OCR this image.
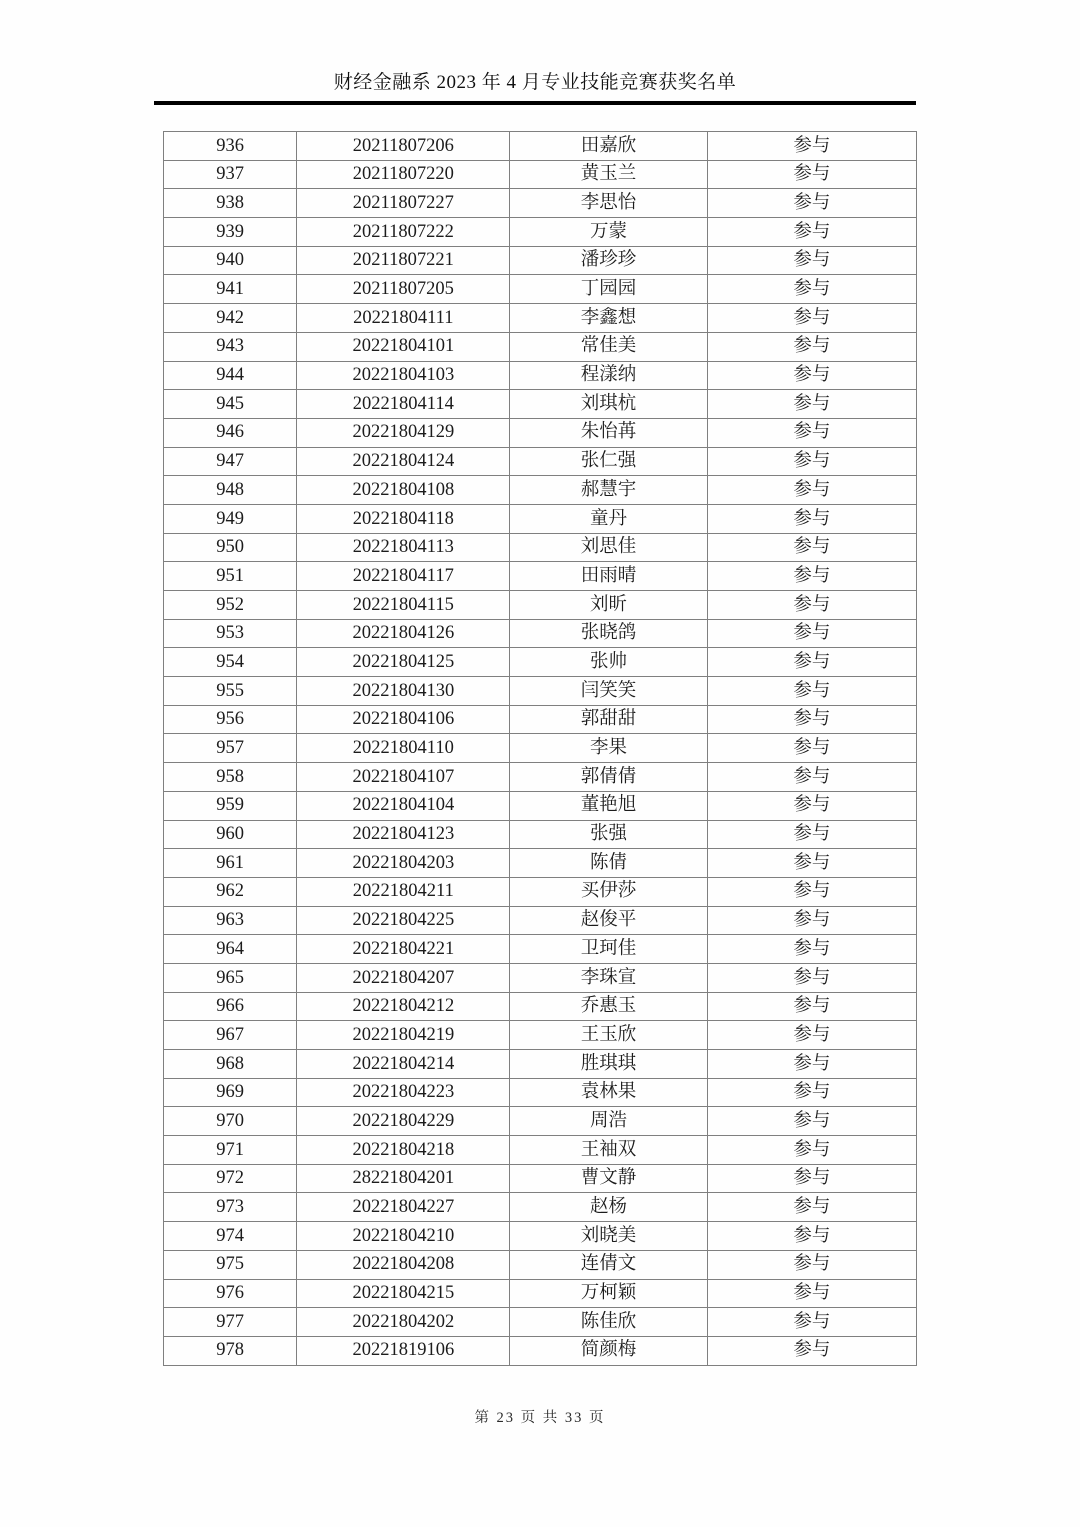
财经金融系 2023 年 4 月专业技能竞赛获奖名单
936	20211807206	田嘉欣	参与
937	20211807220	黄玉兰	参与
938	20211807227	李思怡	参与
939	20211807222	万蒙	参与
940	20211807221	潘珍珍	参与
941	20211807205	丁园园	参与
942	20221804111	李鑫想	参与
943	20221804101	常佳美	参与
944	20221804103	程漾纳	参与
945	20221804114	刘琪杭	参与
946	20221804129	朱怡苒	参与
947	20221804124	张仁强	参与
948	20221804108	郝慧宇	参与
949	20221804118	童丹	参与
950	20221804113	刘思佳	参与
951	20221804117	田雨晴	参与
952	20221804115	刘昕	参与
953	20221804126	张晓鸽	参与
954	20221804125	张帅	参与
955	20221804130	闫笑笑	参与
956	20221804106	郭甜甜	参与
957	20221804110	李果	参与
958	20221804107	郭倩倩	参与
959	20221804104	董艳旭	参与
960	20221804123	张强	参与
961	20221804203	陈倩	参与
962	20221804211	买伊莎	参与
963	20221804225	赵俊平	参与
964	20221804221	卫珂佳	参与
965	20221804207	李珠宣	参与
966	20221804212	乔惠玉	参与
967	20221804219	王玉欣	参与
968	20221804214	胜琪琪	参与
969	20221804223	袁林果	参与
970	20221804229	周浩	参与
971	20221804218	王袖双	参与
972	28221804201	曹文静	参与
973	20221804227	赵杨	参与
974	20221804210	刘晓美	参与
975	20221804208	连倩文	参与
976	20221804215	万柯颖	参与
977	20221804202	陈佳欣	参与
978	20221819106	简颜梅	参与
第 23 页 共 33 页
